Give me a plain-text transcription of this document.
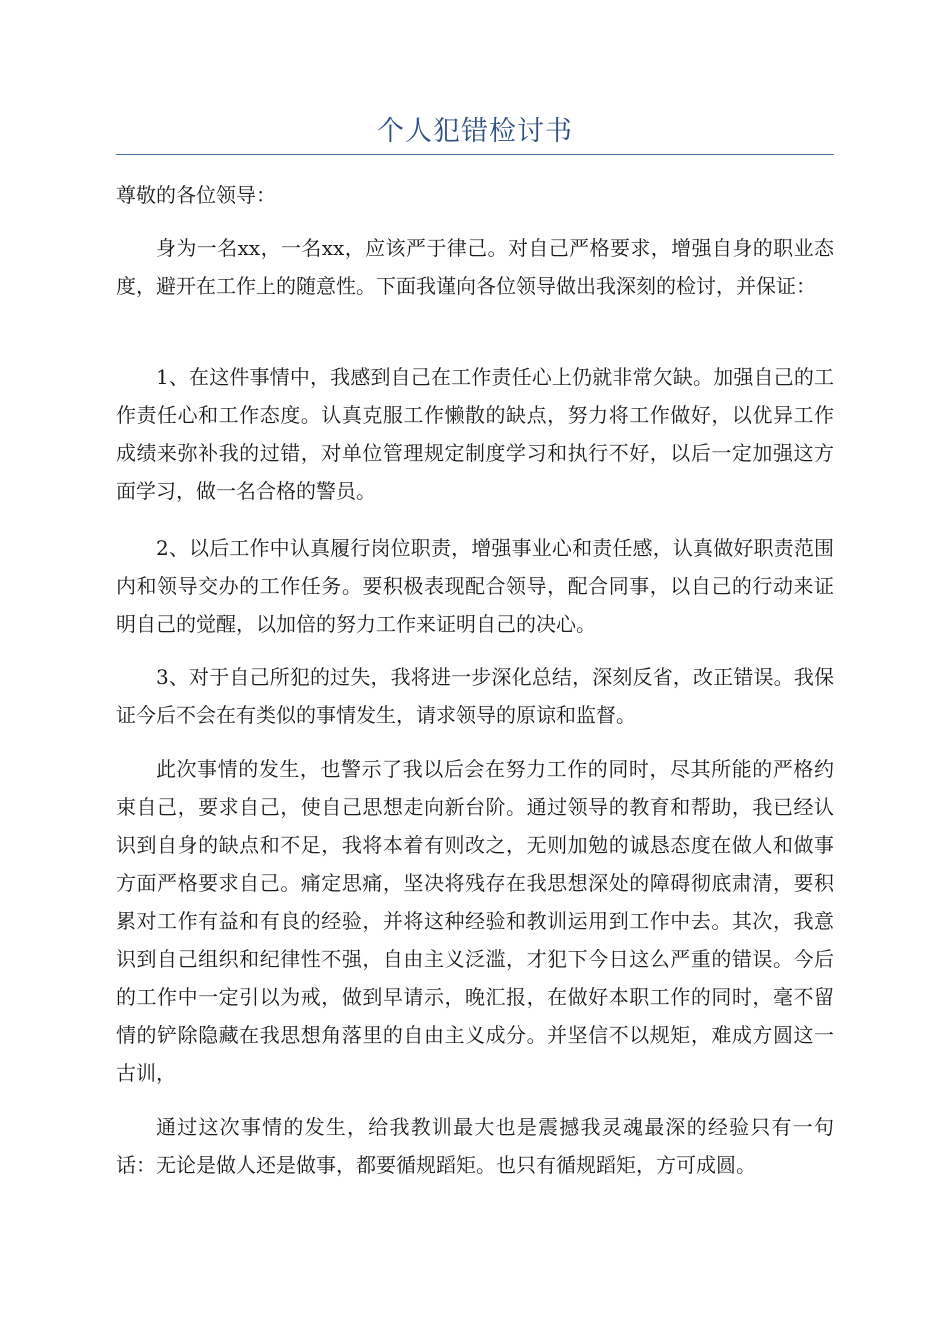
个人犯错检讨书

尊敬的各位领导：

身为一名xx，一名xx，应该严于律己。对自己严格要求，增强自身的职业态度，避开在工作上的随意性。下面我谨向各位领导做出我深刻的检讨，并保证：

1、在这件事情中，我感到自己在工作责任心上仍就非常欠缺。加强自己的工作责任心和工作态度。认真克服工作懒散的缺点，努力将工作做好，以优异工作成绩来弥补我的过错，对单位管理规定制度学习和执行不好，以后一定加强这方面学习，做一名合格的警员。

2、以后工作中认真履行岗位职责，增强事业心和责任感，认真做好职责范围内和领导交办的工作任务。要积极表现配合领导，配合同事，以自己的行动来证明自己的觉醒，以加倍的努力工作来证明自己的决心。

3、对于自己所犯的过失，我将进一步深化总结，深刻反省，改正错误。我保证今后不会在有类似的事情发生，请求领导的原谅和监督。

此次事情的发生，也警示了我以后会在努力工作的同时，尽其所能的严格约束自己，要求自己，使自己思想走向新台阶。通过领导的教育和帮助，我已经认识到自身的缺点和不足，我将本着有则改之，无则加勉的诚恳态度在做人和做事方面严格要求自己。痛定思痛，坚决将残存在我思想深处的障碍彻底肃清，要积累对工作有益和有良的经验，并将这种经验和教训运用到工作中去。其次，我意识到自己组织和纪律性不强，自由主义泛滥，才犯下今日这么严重的错误。今后的工作中一定引以为戒，做到早请示，晚汇报，在做好本职工作的同时，毫不留情的铲除隐藏在我思想角落里的自由主义成分。并坚信不以规矩，难成方圆这一古训，

通过这次事情的发生，给我教训最大也是震撼我灵魂最深的经验只有一句话：无论是做人还是做事，都要循规蹈矩。也只有循规蹈矩，方可成圆。
